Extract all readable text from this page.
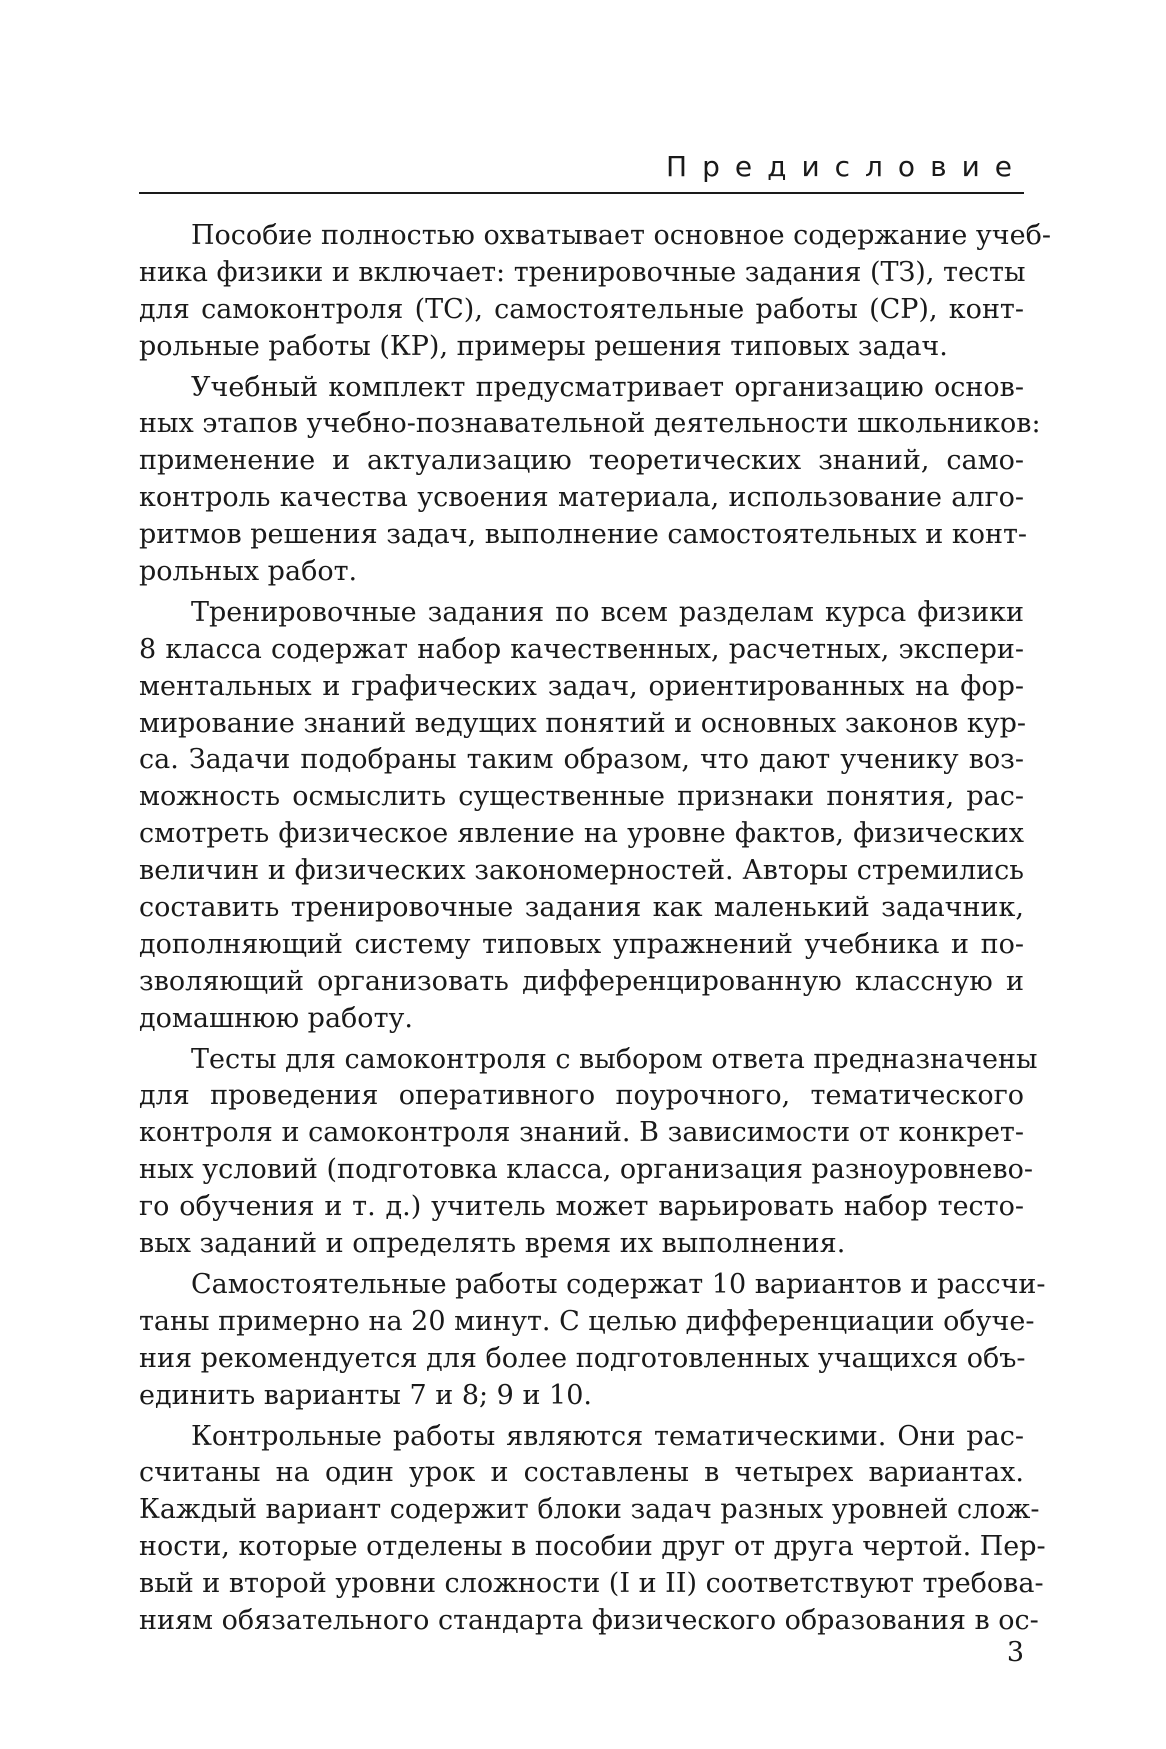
Предисловие
Пособие полностью охватывает основное содержание учеб-
ника физики и включает: тренировочные задания (ТЗ), тесты
для самоконтроля (ТС), самостоятельные работы (СР), конт-
рольные работы (КР), примеры решения типовых задач.
Учебный комплект предусматривает организацию основ-
ных этапов учебно-познавательной деятельности школьников:
применение и актуализацию теоретических знаний, само-
контроль качества усвоения материала, использование алго-
ритмов решения задач, выполнение самостоятельных и конт-
рольных работ.
Тренировочные задания по всем разделам курса физики
8 класса содержат набор качественных, расчетных, экспери-
ментальных и графических задач, ориентированных на фор-
мирование знаний ведущих понятий и основных законов кур-
са. Задачи подобраны таким образом, что дают ученику воз-
можность осмыслить существенные признаки понятия, рас-
смотреть физическое явление на уровне фактов, физических
величин и физических закономерностей. Авторы стремились
составить тренировочные задания как маленький задачник,
дополняющий систему типовых упражнений учебника и по-
зволяющий организовать дифференцированную классную и
домашнюю работу.
Тесты для самоконтроля с выбором ответа предназначены
для проведения оперативного поурочного, тематического
контроля и самоконтроля знаний. В зависимости от конкрет-
ных условий (подготовка класса, организация разноуровнево-
го обучения и т. д.) учитель может варьировать набор тесто-
вых заданий и определять время их выполнения.
Самостоятельные работы содержат 10 вариантов и рассчи-
таны примерно на 20 минут. С целью дифференциации обуче-
ния рекомендуется для более подготовленных учащихся объ-
единить варианты 7 и 8; 9 и 10.
Контрольные работы являются тематическими. Они рас-
считаны на один урок и составлены в четырех вариантах.
Каждый вариант содержит блоки задач разных уровней слож-
ности, которые отделены в пособии друг от друга чертой. Пер-
вый и второй уровни сложности (I и II) соответствуют требова-
ниям обязательного стандарта физического образования в ос-
3
